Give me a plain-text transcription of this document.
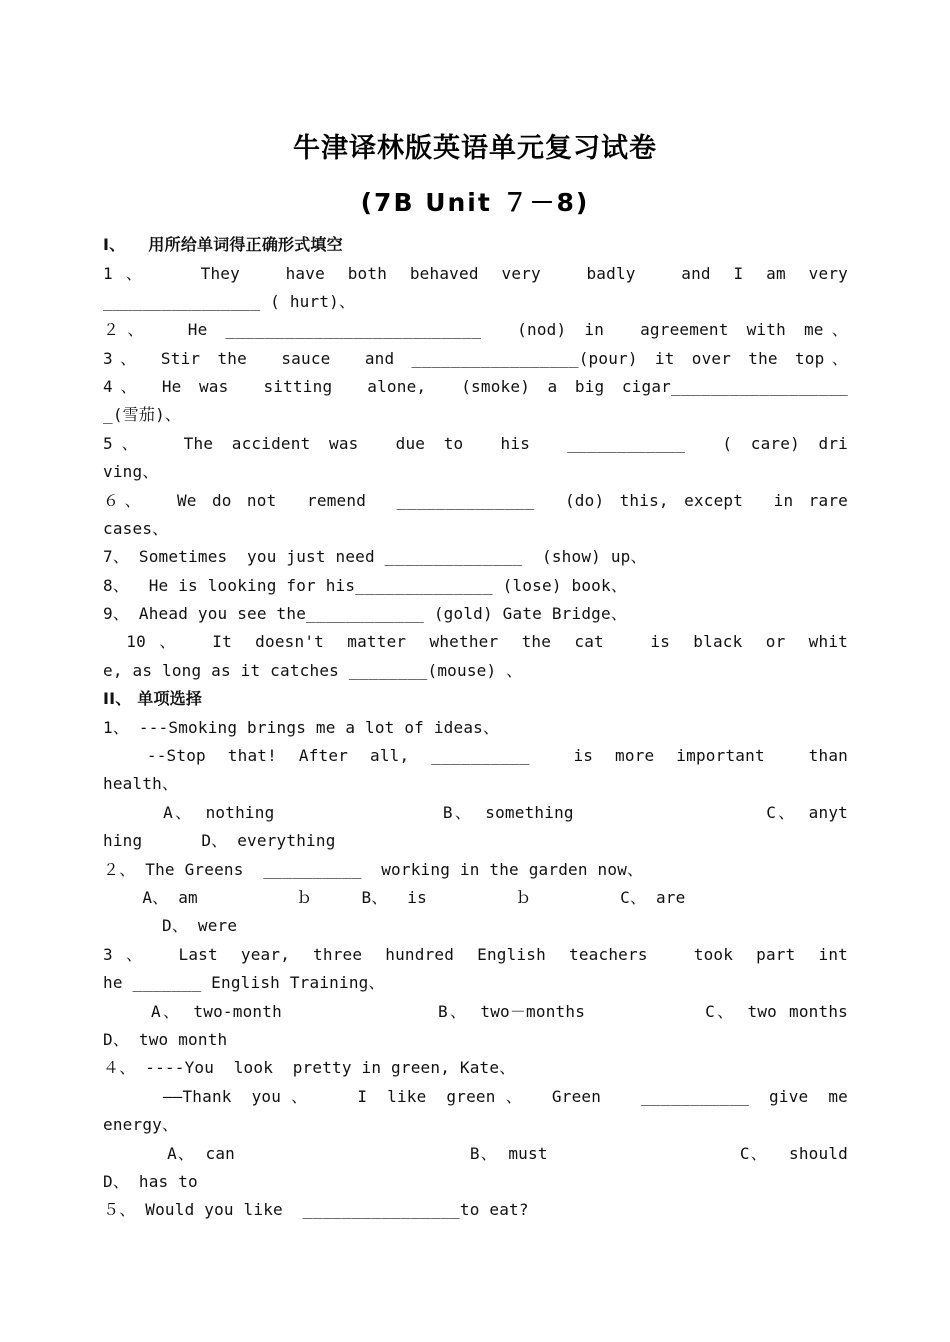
牛津译林版英语单元复习试卷
(7B Unit ７－8)
I、    用所给单词得正确形式填空
1、  They  have both behaved very  badly  and I am very
________________ ( hurt)、
２、  He __________________________  (nod) in  agreement with me、
3、 Stir the  sauce  and _________________(pour) it over the top、
4、 He was  sitting  alone,  (smoke) a big cigar__________________
_(雪茄)、
5、  The accident was  due to  his  ____________  ( care) dri
ving、
６、  We do not  remend  ______________  (do) this, except  in rare
cases、
7、 Sometimes  you just need ______________  (show) up、
8、  He is looking for his______________ (lose) book、
9、 Ahead you see the____________ (gold) Gate Bridge、
10、 It doesn't matter whether the cat  is black or whit
e, as long as it catches ________(mouse) 、
II、 单项选择
1、 ---Smoking brings me a lot of ideas、
--Stop that! After all, __________  is more important  than
health、
A、 nothing              B、 something                C、 anyt
hing      D、 everything
２、 The Greens  __________  working in the garden now、
A、 am          ｂ     B、  is         ｂ         C、 are
D、 were
3、 Last year, three hundred English teachers  took part int
he _______ English Training、
A、 two-month             B、 two－months          C、 two months
D、 two month
４、 ----You  look  pretty in green, Kate、
——Thank you、  I like green、 Green  ___________ give me
energy、
A、 can                      B、 must                  C、  should
D、 has to
５、 Would you like  ________________to eat?
